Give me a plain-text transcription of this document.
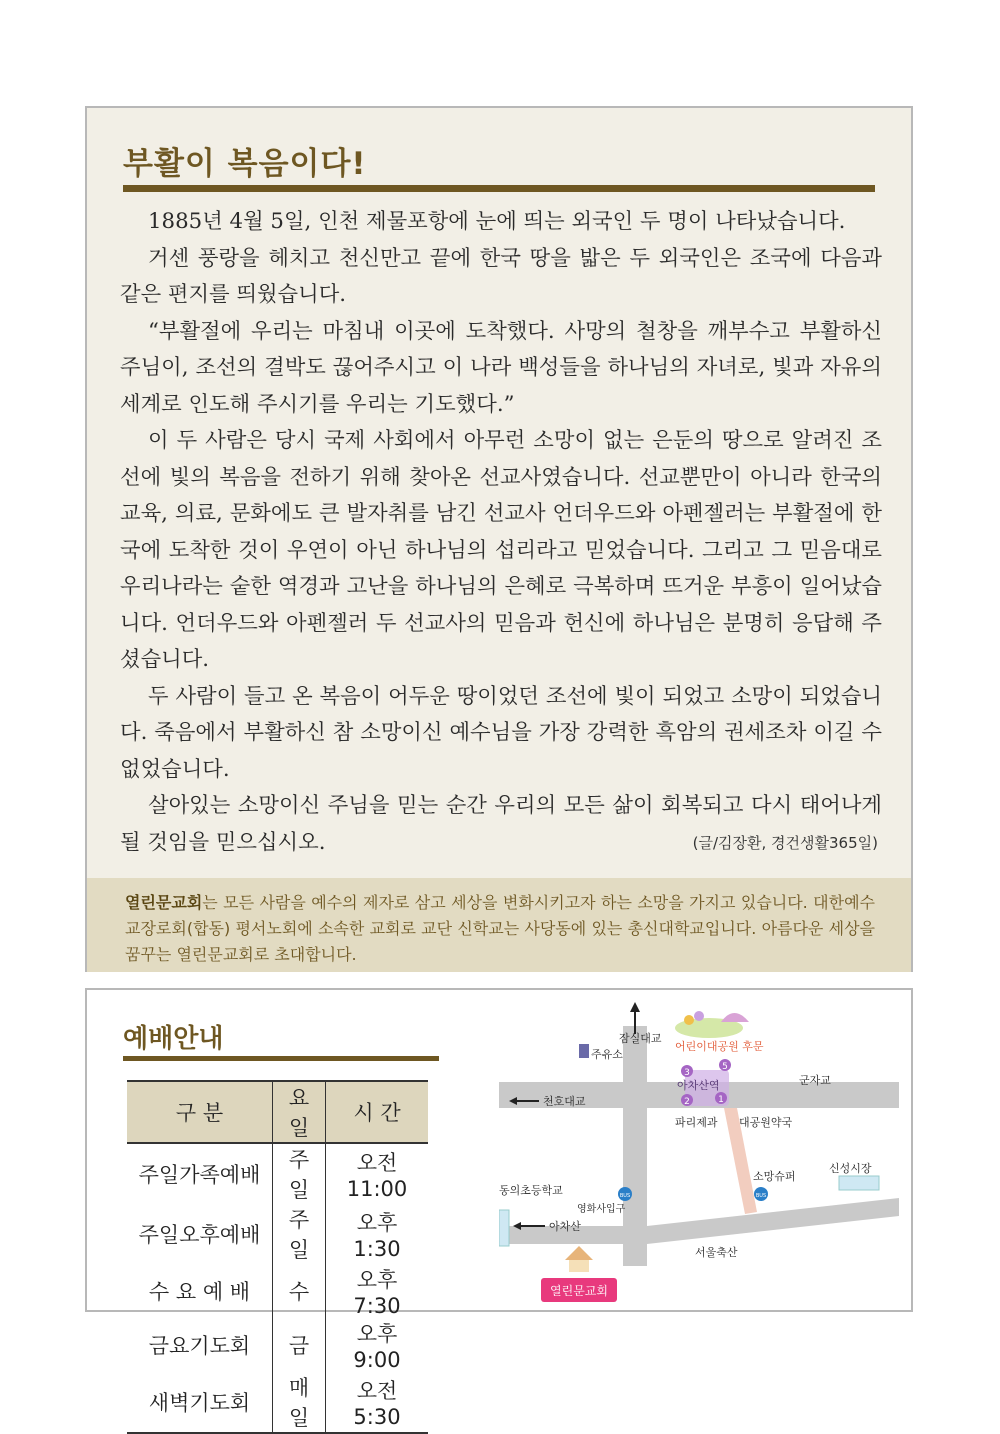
부활이 복음이다!

1885년 4월 5일, 인천 제물포항에 눈에 띄는 외국인 두 명이 나타났습니다.

거센 풍랑을 헤치고 천신만고 끝에 한국 땅을 밟은 두 외국인은 조국에 다음과 같은 편지를 띄웠습니다.

“부활절에 우리는 마침내 이곳에 도착했다. 사망의 철창을 깨부수고 부활하신 주님이, 조선의 결박도 끊어주시고 이 나라 백성들을 하나님의 자녀로, 빛과 자유의 세계로 인도해 주시기를 우리는 기도했다.”

이 두 사람은 당시 국제 사회에서 아무런 소망이 없는 은둔의 땅으로 알려진 조선에 빛의 복음을 전하기 위해 찾아온 선교사였습니다. 선교뿐만이 아니라 한국의 교육, 의료, 문화에도 큰 발자취를 남긴 선교사 언더우드와 아펜젤러는 부활절에 한국에 도착한 것이 우연이 아닌 하나님의 섭리라고 믿었습니다. 그리고 그 믿음대로 우리나라는 숱한 역경과 고난을 하나님의 은혜로 극복하며 뜨거운 부흥이 일어났습니다. 언더우드와 아펜젤러 두 선교사의 믿음과 헌신에 하나님은 분명히 응답해 주셨습니다.

두 사람이 들고 온 복음이 어두운 땅이었던 조선에 빛이 되었고 소망이 되었습니다. 죽음에서 부활하신 참 소망이신 예수님을 가장 강력한 흑암의 권세조차 이길 수 없었습니다.

살아있는 소망이신 주님을 믿는 순간 우리의 모든 삶이 회복되고 다시 태어나게 될 것임을 믿으십시오.	(글/김장환, 경건생활365일)
열린문교회는 모든 사람을 예수의 제자로 삼고 세상을 변화시키고자 하는 소망을 가지고 있습니다. 대한예수교장로회(합동) 평서노회에 소속한 교회로 교단 신학교는 사당동에 있는 총신대학교입니다. 아름다운 세상을 꿈꾸는 열린문교회로 초대합니다.
예배안내
구 분	요일	시 간
주일가족예배	주일	오전11:00
주일오후예배	주일	오후 1:30
수 요 예 배	수	오후 7:30
금요기도회	금	오후 9:00
새벽기도회	매일	오전 5:30
3
5
2	1
BUS	BUS
잠실대교
어린이대공원 후문
주유소
아차산역	군자교
천호대교
파리제과 대공원약국
신성시장
소망슈퍼
동의초등학교
영화사입구
아차산
서울축산
열린문교회
